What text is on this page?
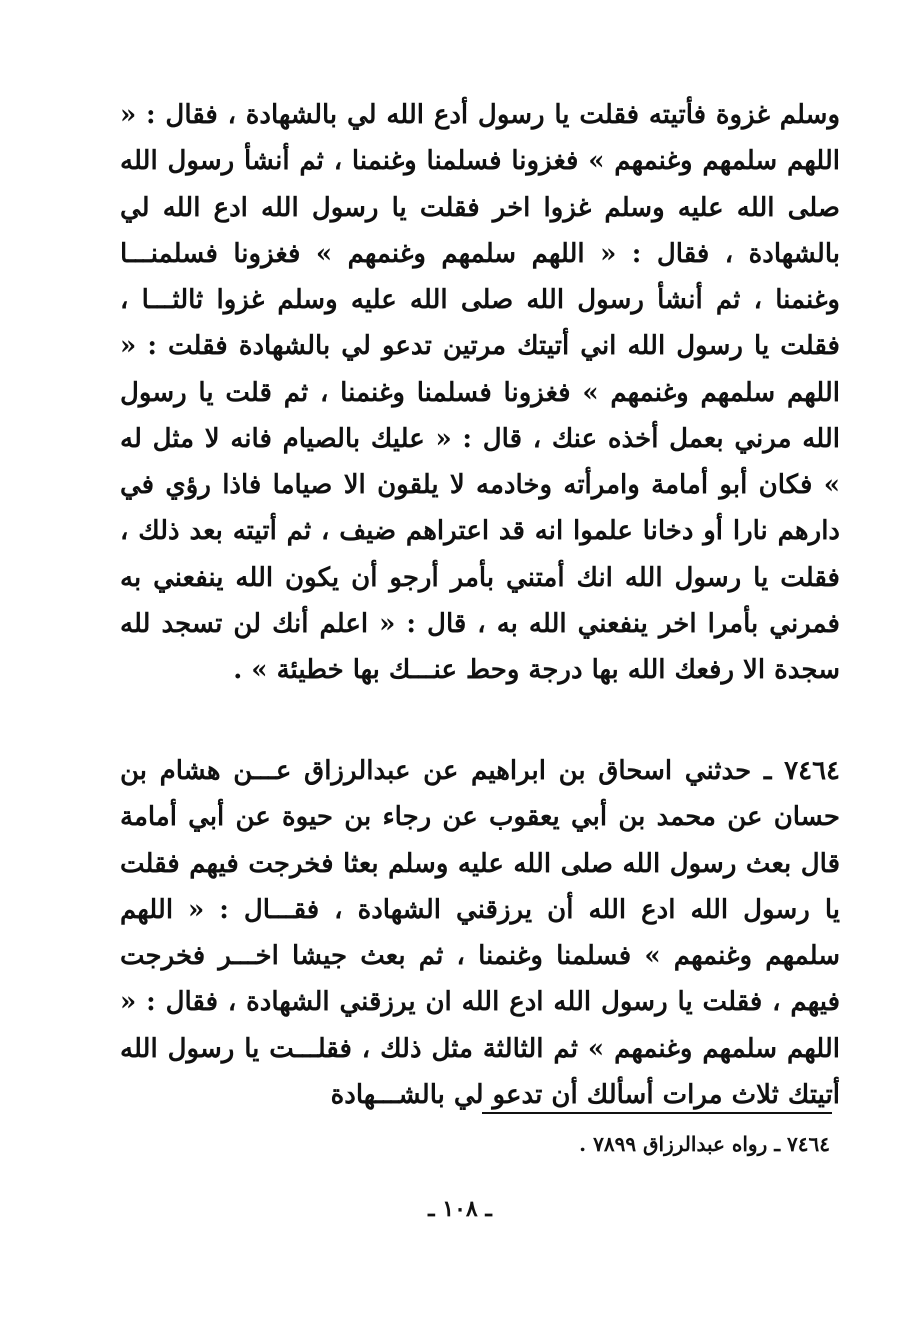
وسلم غزوة فأتيته فقلت يا رسول أدع الله لي بالشهادة ، فقال : « اللهم سلمهم وغنمهم » فغزونا فسلمنا وغنمنا ، ثم أنشأ رسول الله صلى الله عليه وسلم غزوا اخر فقلت يا رسول الله ادع الله لي بالشهادة ، فقال : « اللهم سلمهم وغنمهم » فغزونا فسلمنـــا وغنمنا ، ثم أنشأ رسول الله صلى الله عليه وسلم غزوا ثالثـــا ، فقلت يا رسول الله اني أتيتك مرتين تدعو لي بالشهادة فقلت : « اللهم سلمهم وغنمهم » فغزونا فسلمنا وغنمنا ، ثم قلت يا رسول الله مرني بعمل أخذه عنك ، قال : « عليك بالصيام فانه لا مثل له » فكان أبو أمامة وامرأته وخادمه لا يلقون الا صياما فاذا رؤي في دارهم نارا أو دخانا علموا انه قد اعتراهم ضيف ، ثم أتيته بعد ذلك ، فقلت يا رسول الله انك أمتني بأمر أرجو أن يكون الله ينفعني به فمرني بأمرا اخر ينفعني الله به ، قال : « اعلم أنك لن تسجد لله سجدة الا رفعك الله بها درجة وحط عنـــك بها خطيئة » .

٧٤٦٤ ـ حدثني اسحاق بن ابراهيم عن عبدالرزاق عـــن هشام بن حسان عن محمد بن أبي يعقوب عن رجاء بن حيوة عن أبي أمامة قال بعث رسول الله صلى الله عليه وسلم بعثا فخرجت فيهم فقلت يا رسول الله ادع الله أن يرزقني الشهادة ، فقـــال : « اللهم سلمهم وغنمهم » فسلمنا وغنمنا ، ثم بعث جيشا اخـــر فخرجت فيهم ، فقلت يا رسول الله ادع الله ان يرزقني الشهادة ، فقال : « اللهم سلمهم وغنمهم » ثم الثالثة مثل ذلك ، فقلـــت يا رسول الله أتيتك ثلاث مرات أسألك أن تدعو لي بالشـــهادة

٧٤٦٤ ـ رواه عبدالرزاق ٧٨٩٩ .
ـ ١٠٨ ـ
